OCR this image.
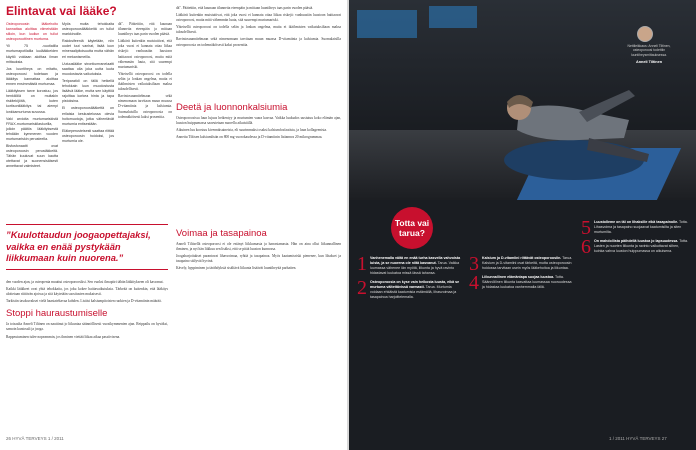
Elintavat vai lääke?

Osteoporoosin lääkehoito kannattaa aloittaa viimeistään silloin, kun luuliun on tullut osteoporoottinen murtuma.

Yli 75 -vuotiaiilla murtumapotilailla luulääkkeiden käyttö voidaan aloittaa ilman mittauksia.

Jos luuntiheys on mitattu, osteoporoosi todetaan ja lääkitys kannattaa aloittaa ennen ensimmäistä murtumaa.

Lääkityksen tarve korostuu, jos henkilöllä on muitakin riskitekijöitä, kuten kortisonilääkitys tai aiempi lonkkamurtuma suvussa.

Vaki arvioita murtumariskistä FRAX-murtumariskilaskurilla, jolloin päätös lääkityksestä tehdään kymmenen vuoden murtumariskin perusteella.

Bisfosfonaatit ovat osteoporoosin perustäkkeitä. Tähän kuuluvat suun kautta otettavat ja suonensisäisesti annettavat valmisteet.

Myös muita tehokkaita osteoporoosilääkkeitä on tullut markkinoille.

Raloksifeeniä käytetään, niin uudet luut vanhat, lisää luun mineraalipitoisuutta mutta vähän eri mekanismeilla.

Uutuuslääke strontiumranelaatti saattaa olla joka uutta luuta muodostavia vaikutuksia.

Teriparatidi on tällä hetkellä tehokkain luun muodostusta lisäävä lääke, mutta sen käyttöä rajoittaa korkea hinta ja tapa pistoksina.

Ei osteoporoosilääkettä on erilaisia keskustelussa olevia hoitomuotoja, jotka vähentävät murtumia entisestään.

Eläkeperusteisesti saattaa riittää osteoporoosin hoidoksi, jos murtumia ole.

dä". Päätettiin, että kaunaan tilannetta eteenpäin ja mittaan luuntiheys taas parin vuoden päästä.

Lääkärit kuitenkin muistuttivat, että joka vuosi ei kannata ottaa liikaa riskejä: vanhuusiän luustoon haittaavat osteoporoosi, mutta mitä vähemmän luuta, sitä suurempi murtumariski.

Yhteisellä osteoporoosi on todella selän ja lonkan ongelma, mutta ei ikäihmisten vaikutuksiltaan maksa taloudellisesti.

Ravintosuunnitelmaan sekä nimenomaan tarvitaan muun muassa D-vitamiinia ja kalsiumia. Suomalaisilla osteoporoosia on todennäköisesti kaksi prosenttia.

dä". Päätettiin, että kaunaan tilannetta eteenpäin ja mittaan luuntiheys taas parin vuoden päästä.

Lääkärit kuitenkin muistuttivat, että joka vuosi ei kannata ottaa liikaa riskejä: vanhuusiän luustoon haittaavat osteoporoosi, mutta mitä vähemmän luuta, sitä suurempi murtumariski.

Yhteisellä osteoporoosi on todella selän ja lonkan ongelma, mutta ei ikäihmisten vaikutuksiltaan maksa taloudellisesti.

Ravintosuunnitelmaan sekä nimenomaan tarvitaan muun muassa D-vitamiinia ja kalsiumia. Suomalaisilla osteoporoosia on todennäköisesti kaksi prosenttia.

Deetä ja luonnonkalsiumia

Osteoporoosissa luun lujuus heikentyy ja murtumien vaara kasvaa. Vaikka luukudos uusiutuu koko elämän ajan, luuston huippumassa saavutetaan nuorella aikuisiällä.

Aikuinen luu koostuu kivennäisaineista, eli suurimmaksi osaksi kalsiumfosfaatista, ja luun kollageenista.

Annettu Tiltisen kalsiumlisän on 800 mg vuorokaudessa ja D-vitamiinin lisäannos 20 mikrogrammaa.

”Kuulottaudun joogaopettajaksi, vaikka en enää pystykään liikkumaan kuin nuorena.”

den vuoden ajan, ja osteopenia muuttui osteoporoosiksi. Sen vuoksi ilmapiiri tähän lääkitykseen oli kasvanut.

Kaikki lääkkeet ovat yhtä tehokkaita, jos joku kokee haittavaikutuksia. Tärkeää on kuitenkin, että lääkitys aloitetaan riittävän ajoissa ja sitä käytetään suositusten mukaisesti.

Tarkistin tasokuvakset vielä haastateltavaa kohden. Lisäisi kalsiumpitoisten ruokien ja D-vitamiinin määrää.

Stoppi hauraustumiselle

Ja toisaalta Anneli Tiltinen on nauttinut jo liikuntaa säännöllisesti vuosikymmenien ajan. Reippailu on hyväksi, samoin kuntosali ja jooga.

Rappeutuminen tulee nopeammin, jos ihminen viettää liikaa aikaa passiivisena.

Voimaa ja tasapainoa

Anneli Tiltisellä osteoporoosi ei ole estänyt liikkumasta ja harrastamasta. Hän on aina ollut liikunnallinen ihminen, ja nyt hän liikkuu sen lisäksi, että se pitää luuston kunnossa.

Joogaharjoitukset parantavat lihasvoimaa, ryhtiä ja tasapainoa. Myös kaatumisriski pienenee, kun lihakset ja tasapaino säilyvät hyvinä.

Kävely, hyppiminen ja tärähdyksiä sisältävä liikunta lisäävät luuntiheyttä parhaiten.

26 HYVÄ TERVEYS 1 / 2011
Nettileikkaus: Anneli Tiltinen, osteoporoosi todettiin luuntiheysmittauksessa.
Anneli Tiltinen
Totta vai tarua?
1 Vanhenemalla väitä en enää turha kasvella vahvoista luista, ja se nuorena ole niitä kasvanut. Tarua. Vaikka luumassa vähenee iän myötä, liikunta ja hyvä ravinto hidastavat luukatoa missä iässä tahansa.
2 Osteoporoosia on kyse vain heikosta luusta, eikä se murtuma vältettävissä varmasti. Tarua. Murtumia voidaan ehkäistä kaatumisia estämällä, lihasvoimaa ja tasapainoa harjoittelemalla.
3 Kalsium ja D-vitamiini riittävät osteoporoosiin. Tarua. Kalsium ja D-vitamiini ovat tärkeitä, mutta osteoporoosin hoidossa tarvitaan usein myös lääkehoitoa ja liikuntaa.
4 Liikunnallinen elämäntapa suojaa luustoa. Totta. Säännöllinen liikunta kasvattaa luumassaa nuoruudessa ja hidastaa luukatoa vanhemmalla iällä.
5 Luustolleme on täi on lihaksille eikä tasapainolle. Totta. Lihasvoima ja tasapaino suojaavat kaatumisilta ja siten murtumilta.
6 On mahdollista päihdellä luustoa jo lapsuudessa. Totta. Lasten ja nuorten liikunta ja ravinto vaikuttavat siihen, kuinka vahva luuston huippumassa on aikuisena.
1 / 2011 HYVÄ TERVEYS 27
